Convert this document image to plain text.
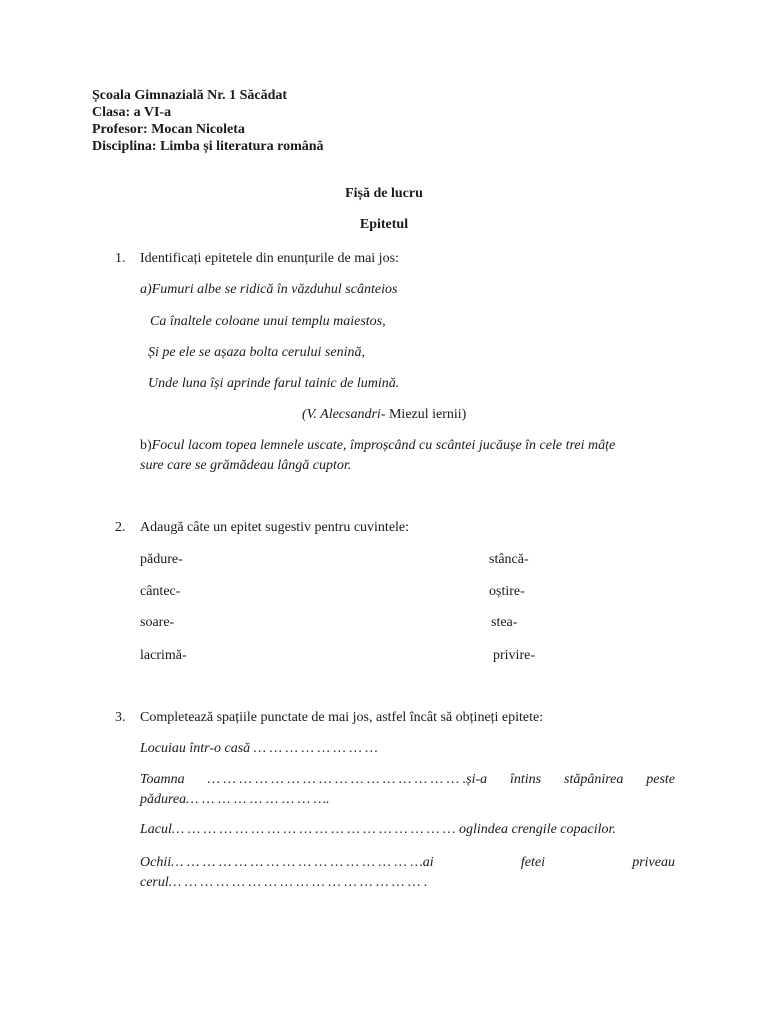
Școala Gimnazială Nr. 1 Săcădat
Clasa: a VI-a
Profesor: Mocan Nicoleta
Disciplina: Limba și literatura română
Fișă de lucru
Epitetul
1. Identificați epitetele din enunțurile de mai jos:
a)Fumuri albe se ridică în văzduhul scânteios
Ca înaltele coloane unui templu maiestos,
Și pe ele se așaza bolta cerului senină,
Unde luna își aprinde farul tainic de lumină.
(V. Alecsandri- Miezul iernii)
b)Focul lacom topea lemnele uscate, împroșcând cu scântei jucăușe în cele trei mâțe
sure care se grămădeau lângă cuptor.
2. Adaugă câte un epitet sugestiv pentru cuvintele:
pădure-
cântec-
soare-
lacrimă-
stâncă-
oștire-
stea-
privire-
3. Completează spațiile punctate de mai jos, astfel încât să obțineți epitete:
Locuiau într-o casă … … … … … … … …
Toamna … … … … … … … … … … … … … … … … .și-a întins stăpânirea peste
pădurea… … … … … … … … ….
Lacul… … … … … … … … … … … … … … … … … … oglindea crengile copacilor.
Ochii… … … … … … … … … … … … … … … …ai	fetei	priveau
cerul… … … … … … … … … … … … … … … … .
